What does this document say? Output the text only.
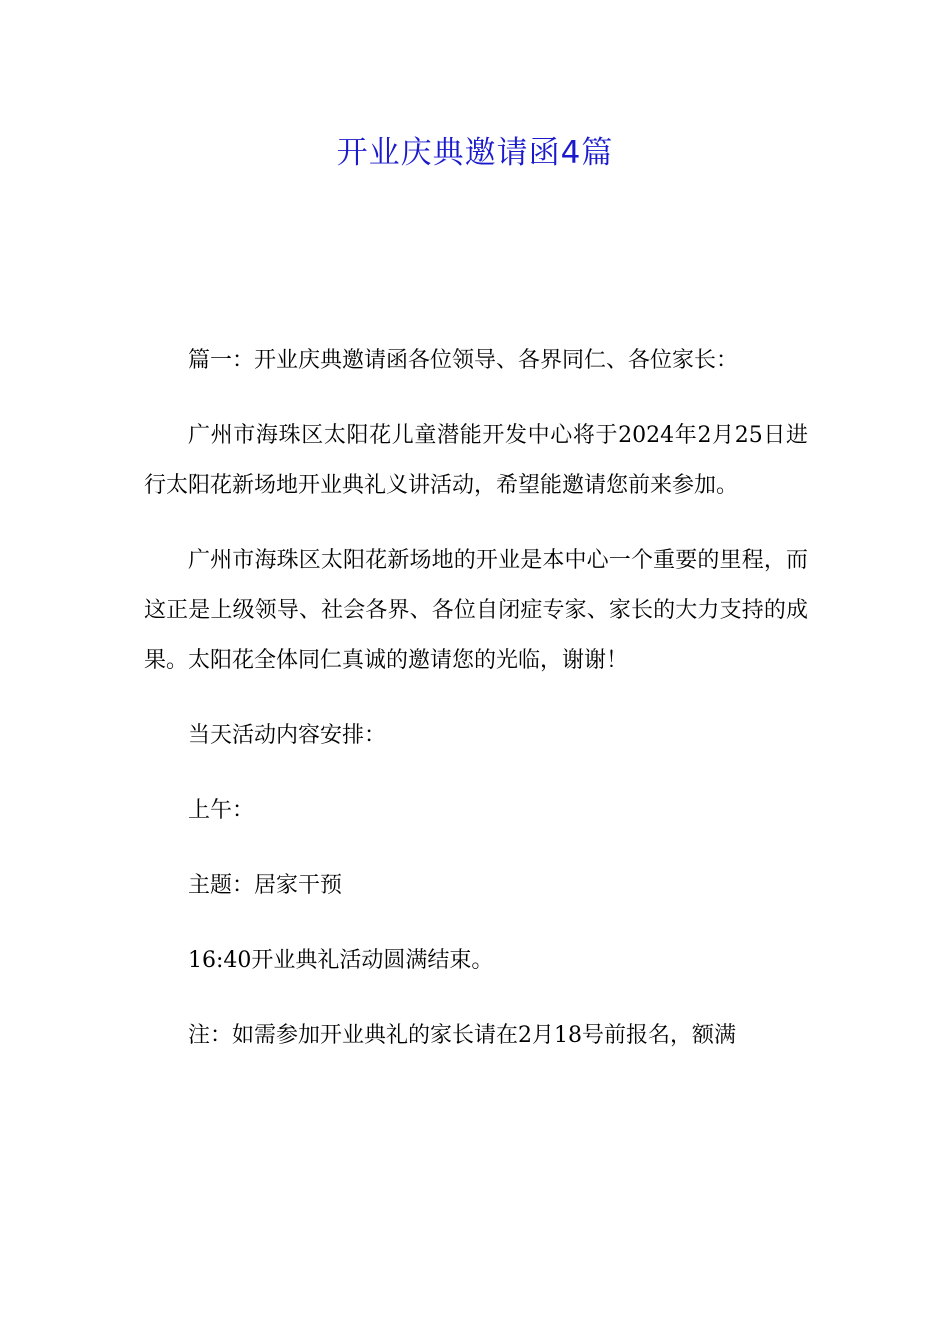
开业庆典邀请函4篇

篇一：开业庆典邀请函各位领导、各界同仁、各位家长：

广州市海珠区太阳花儿童潜能开发中心将于2024年2月25日进行太阳花新场地开业典礼义讲活动，希望能邀请您前来参加。

广州市海珠区太阳花新场地的开业是本中心一个重要的里程，而这正是上级领导、社会各界、各位自闭症专家、家长的大力支持的成果。太阳花全体同仁真诚的邀请您的光临，谢谢！

当天活动内容安排：

上午：

主题：居家干预

16:40开业典礼活动圆满结束。

注：如需参加开业典礼的家长请在2月18号前报名，额满
